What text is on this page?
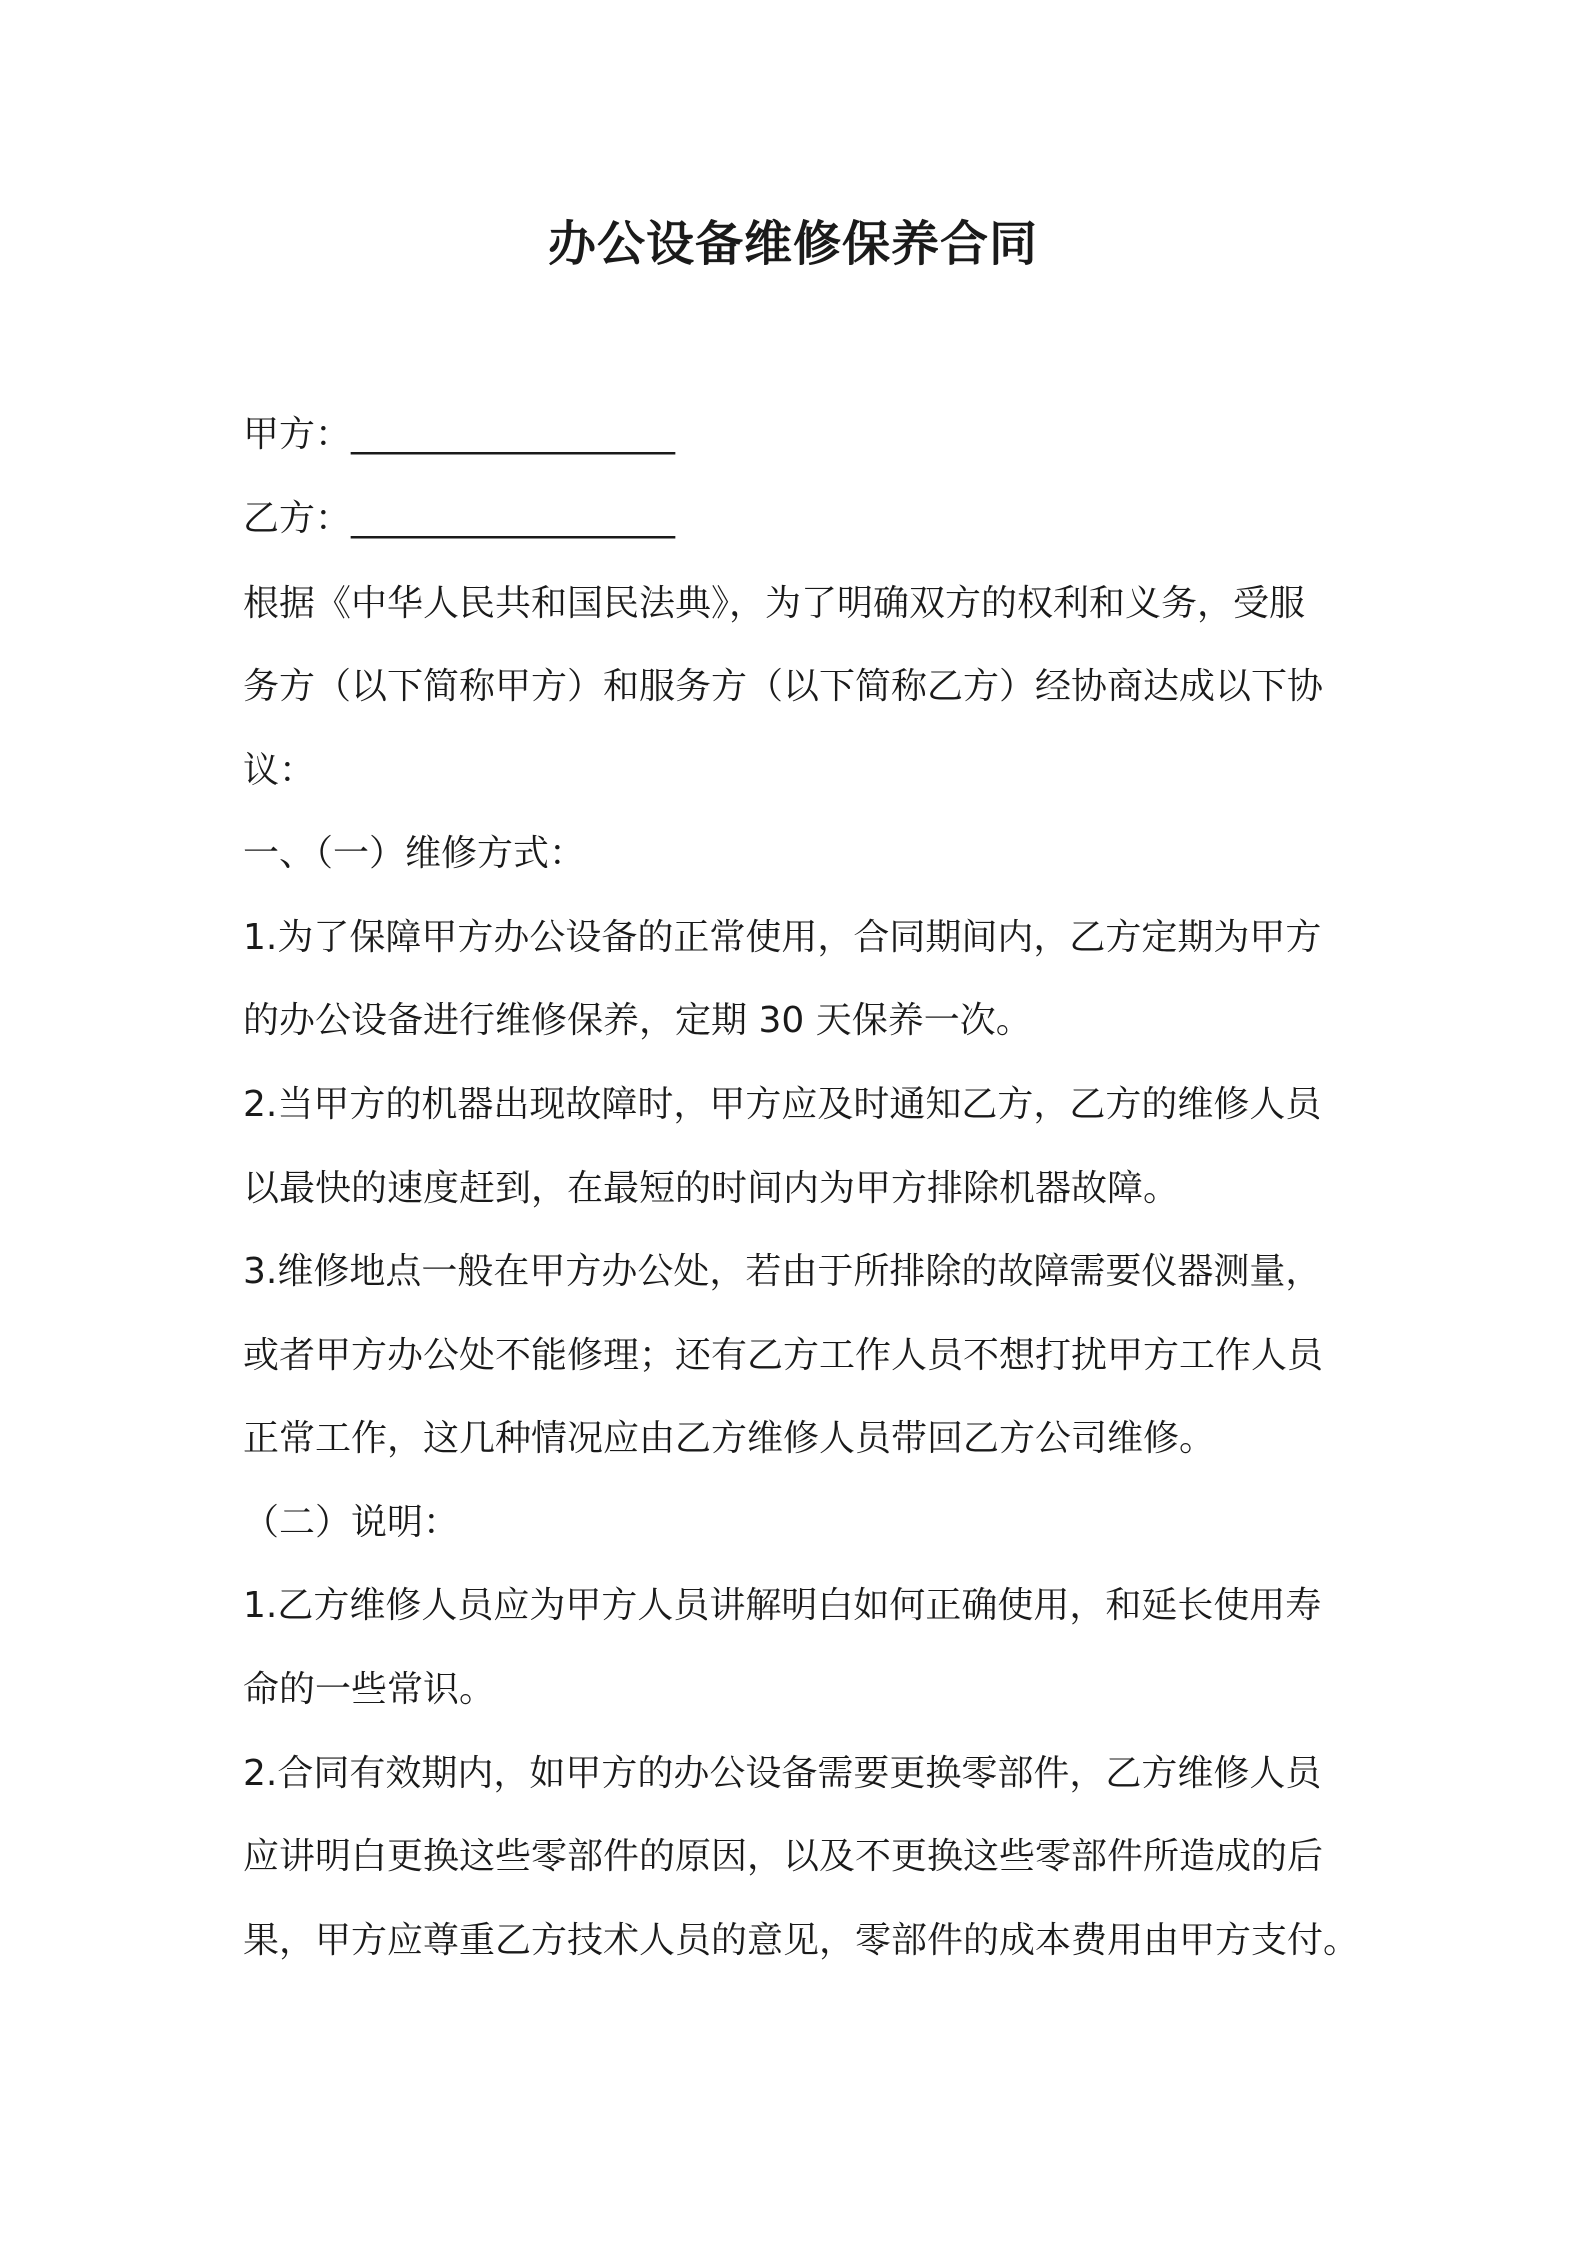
办公设备维修保养合同
甲方：__________________
乙方：__________________
根据《中华人民共和国民法典》，为了明确双方的权利和义务，受服
务方（以下简称甲方）和服务方（以下简称乙方）经协商达成以下协
议：
一、（一）维修方式：
1.为了保障甲方办公设备的正常使用，合同期间内，乙方定期为甲方
的办公设备进行维修保养，定期 30 天保养一次。
2.当甲方的机器出现故障时，甲方应及时通知乙方，乙方的维修人员
以最快的速度赶到，在最短的时间内为甲方排除机器故障。
3.维修地点一般在甲方办公处，若由于所排除的故障需要仪器测量，
或者甲方办公处不能修理；还有乙方工作人员不想打扰甲方工作人员
正常工作，这几种情况应由乙方维修人员带回乙方公司维修。
（二）说明：
1.乙方维修人员应为甲方人员讲解明白如何正确使用，和延长使用寿
命的一些常识。
2.合同有效期内，如甲方的办公设备需要更换零部件，乙方维修人员
应讲明白更换这些零部件的原因，以及不更换这些零部件所造成的后
果，甲方应尊重乙方技术人员的意见，零部件的成本费用由甲方支付。
